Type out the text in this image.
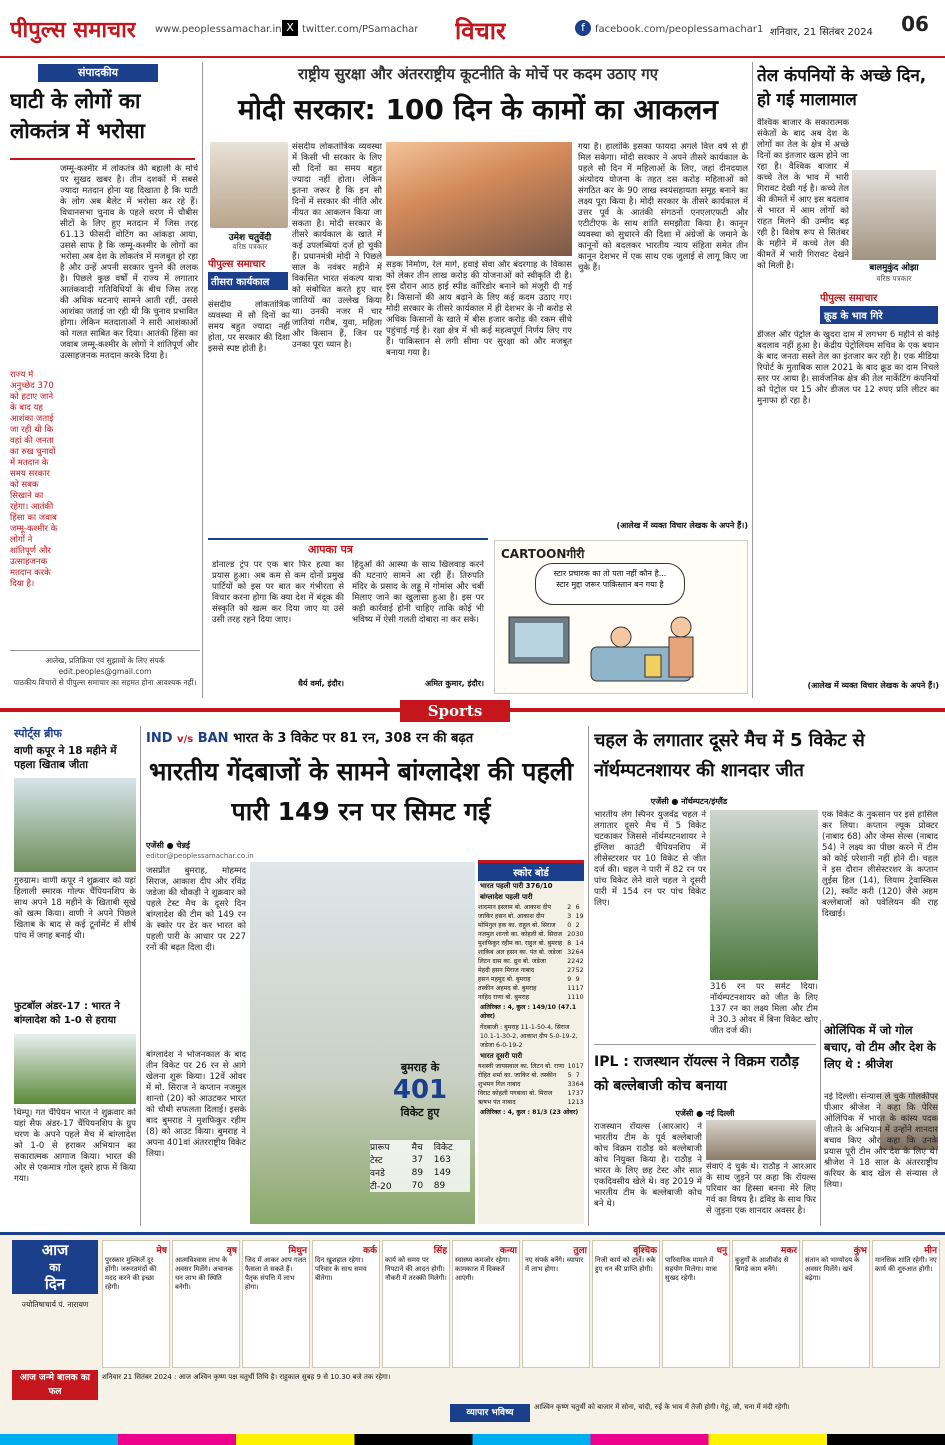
पीपुल्स समाचार www.peoplessamachar.in X twitter.com/PSamachar विचार	f	facebook.com/peoplessamachar1 शनिवार, 21 सितंबर 2024	06
संपादकीय
घाटी के लोगों का लोकतंत्र में भरोसा
जम्मू-कश्मीर में लोकतंत्र की बहाली के मोर्चे पर सुखद खबर है। तीन दशकों में सबसे ज्यादा मतदान होना यह दिखाता है कि घाटी के लोग अब बैलेट में भरोसा कर रहे हैं। विधानसभा चुनाव के पहले चरण में चौबीस सीटों के लिए हुए मतदान में जिस तरह 61.13 फीसदी वोटिंग का आंकड़ा आया, उससे साफ है कि जम्मू-कश्मीर के लोगों का भरोसा अब देश के लोकतंत्र में मजबूत हो रहा है और उन्हें अपनी सरकार चुनने की ललक है। पिछले कुछ वर्षों में राज्य में लगातार आतंकवादी गतिविधियों के बीच जिस तरह की अधिक घटनाएं सामने आती रहीं, उससे आशंका जताई जा रही थी कि चुनाव प्रभावित होगा। लेकिन मतदाताओं ने सारी आशंकाओं को गलत साबित कर दिया। आतंकी हिंसा का जवाब जम्मू-कश्मीर के लोगों ने शांतिपूर्ण और उत्साहजनक मतदान करके दिया है।
राज्य में अनुच्छेद 370 को हटाए जाने के बाद यह आशंका जताई जा रही थी कि वहां की जनता का रुख चुनावों में मतदान के समय सरकार को सबक सिखाने का रहेगा। आतंकी हिंसा का जवाब जम्मू-कश्मीर के लोगों ने शांतिपूर्ण और उत्साहजनक मतदान करके दिया है।
आलेख, प्रतिक्रिया एवं सुझावों के लिए संपर्क
edit.peoples@gmail.com
पाठकीय विचारों से पीपुल्स समाचार का सहमत होना आवश्यक नहीं।
राष्ट्रीय सुरक्षा और अंतरराष्ट्रीय कूटनीति के मोर्चे पर कदम उठाए गए
मोदी सरकार: 100 दिन के कामों का आकलन
उमेश चतुर्वेदी
वरिष्ठ पत्रकार
पीपुल्स समाचार
तीसरा कार्यकाल
संसदीय लोकतांत्रिक व्यवस्था में किसी भी सरकार के लिए सौ दिनों का समय बहुत ज्यादा नहीं होता। लेकिन इतना जरूर है कि इन सौ दिनों में सरकार की नीति और नीयत का आकलन किया जा सकता है। मोदी सरकार के तीसरे कार्यकाल के खाते में कई उपलब्धियां दर्ज हो चुकी हैं। प्रधानमंत्री मोदी ने पिछले साल के नवंबर महीने में विकसित भारत संकल्प यात्रा को संबोधित करते हुए चार जातियों का उल्लेख किया था। उनकी नजर में चार जातियां गरीब, युवा, महिला और किसान हैं, जिन पर उनका पूरा ध्यान है।
संसदीय लोकतांत्रिक व्यवस्था में सौ दिनों का समय बहुत ज्यादा नहीं होता, पर सरकार की दिशा इससे स्पष्ट होती है।
सड़क निर्माण, रेल मार्ग, हवाई सेवा और बंदरगाह के विकास को लेकर तीन लाख करोड़ की योजनाओं को स्वीकृति दी है। इस दौरान आठ हाई स्पीड कॉरिडोर बनाने को मंजूरी दी गई है। किसानों की आय बढ़ाने के लिए कई कदम उठाए गए। मोदी सरकार के तीसरे कार्यकाल में ही देशभर के नौ करोड़ से अधिक किसानों के खाते में बीस हजार करोड़ की रकम सीधे पहुंचाई गई है। रक्षा क्षेत्र में भी कई महत्वपूर्ण निर्णय लिए गए हैं। पाकिस्तान से लगी सीमा पर सुरक्षा को और मजबूत बनाया गया है।
गया है। हालांकि इसका फायदा अगले वित्त वर्ष से ही मिल सकेगा। मोदी सरकार ने अपने तीसरे कार्यकाल के पहले सौ दिन में महिलाओं के लिए, जहां दीनदयाल अंत्योदय योजना के तहत दस करोड़ महिलाओं को संगठित कर के 90 लाख स्वयंसहायता समूह बनाने का लक्ष्य पूरा किया है। मोदी सरकार के तीसरे कार्यकाल में उत्तर पूर्व के आतंकी संगठनों एनएलएफटी और एटीटीएफ के साथ शांति समझौता किया है। कानून व्यवस्था को सुधारने की दिशा में अंग्रेजों के जमाने के कानूनों को बदलकर भारतीय न्याय संहिता समेत तीन कानून देशभर में एक साथ एक जुलाई से लागू किए जा चुके हैं।
(आलेख में व्यक्त विचार लेखक के अपने हैं।)
तेल कंपनियों के अच्छे दिन, हो गई मालामाल
वैश्विक बाजार के सकारात्मक संकेतों के बाद अब देश के लोगों का तेल के क्षेत्र में अच्छे दिनों का इंतजार खत्म होने जा रहा है। वैश्विक बाजार में कच्चे तेल के भाव में भारी गिरावट देखी गई है। कच्चे तेल की कीमतें में आए इस बदलाव से भारत में आम लोगों को राहत मिलने की उम्मीद बढ़ रही है। विशेष रूप से सितंबर के महीने में कच्चे तेल की कीमतें में भारी गिरावट देखने को मिली है।	बालमुकुंद ओझा
वरिष्ठ पत्रकार
पीपुल्स समाचार
क्रूड के भाव गिरे
डीजल और पेट्रोल के खुदरा दाम में लगभग 6 महीने से कोई बदलाव नहीं हुआ है। केंद्रीय पेट्रोलियम सचिव के एक बयान के बाद जनता सस्ते तेल का इंतजार कर रही है। एक मीडिया रिपोर्ट के मुताबिक साल 2021 के बाद क्रूड का दाम निचले स्तर पर आया है। सार्वजनिक क्षेत्र की तेल मार्केटिंग कंपनियों को पेट्रोल पर 15 और डीजल पर 12 रुपए प्रति लीटर का मुनाफा हो रहा है।
(आलेख में व्यक्त विचार लेखक के अपने हैं।)
आपका पत्र
डोनाल्ड ट्रंप पर एक बार फिर हत्या का प्रयास हुआ। अब कम से कम दोनों प्रमुख पार्टियों को इस पर बात कर गंभीरता से विचार करना होगा कि क्या देश में बंदूक की संस्कृति को खत्म कर दिया जाए या उसे उसी तरह रहने दिया जाए।
धैर्य वर्मा, इंदौर।
हिंदुओं की आस्था के साथ खिलवाड़ करने की घटनाएं सामने आ रही हैं। तिरुपति मंदिर के प्रसाद के लड्डू में गोमांस और चर्बी मिलाए जाने का खुलासा हुआ है। इस पर कड़ी कार्रवाई होनी चाहिए ताकि कोई भी भविष्य में ऐसी गलती दोबारा ना कर सके।
अमित कुमार, इंदौर।
CARTOONगीरी
स्टार प्रचारक का तो पता नहीं कौन है...
स्टार मुद्दा जरूर पाकिस्तान बन गया है
Sports
स्पोर्ट्स ब्रीफ
वाणी कपूर ने 18 महीने में पहला खिताब जीता
गुरुग्राम। वाणी कपूर ने शुक्रवार को यहां हिलाली स्मारक गोल्फ चैंपियनशिप के साथ अपने 18 महीने के खिताबी सूखे को खत्म किया। वाणी ने अपने पिछले खिताब के बाद से कई टूर्नामेंट में शीर्ष पांच में जगह बनाई थी।
फुटबॉल अंडर-17 : भारत ने बांग्लादेश को 1-0 से हराया
थिम्पू। गत चैंपियन भारत ने शुक्रवार को यहां सैफ अंडर-17 चैंपियनशिप के ग्रुप चरण के अपने पहले मैच में बांग्लादेश को 1-0 से हराकर अभियान का सकारात्मक आगाज किया। भारत की ओर से एकमात्र गोल दूसरे हाफ में किया गया।
IND v/s BAN भारत के 3 विकेट पर 81 रन, 308 रन की बढ़त
भारतीय गेंदबाजों के सामने बांग्लादेश की पहली पारी 149 रन पर सिमट गई
एजेंसी ● चेन्नई
editor@peoplessamachar.co.in
बुमराह के
401
विकेट हुए
प्रारूप	मैच	विकेट
टेस्ट	37	163
वनडे	89	149
टी-20	70	89
जसप्रीत बुमराह, मोहम्मद सिराज, आकाश दीप और रविंद्र जडेजा की चौकड़ी ने शुक्रवार को पहले टेस्ट मैच के दूसरे दिन बांग्लादेश की टीम को 149 रन के स्कोर पर ढेर कर भारत को पहली पारी के आधार पर 227 रनों की बढ़त दिला दी।
बांग्लादेश ने भोजनकाल के बाद तीन विकेट पर 26 रन से आगे खेलना शुरू किया। 12वें ओवर में मो. सिराज ने कप्तान नजमुल शान्तो (20) को आउटकर भारत को चौथी सफलता दिलाई। इसके बाद बुमराह ने मुशफिकुर रहीम (8) को आउट किया। बुमराह ने अपना 401वां अंतरराष्ट्रीय विकेट लिया।
स्कोर बोर्ड
भारत पहली पारी 376/10
बांग्लादेश पहली पारी
शादमान इस्लाम बो. आकाश दीप	2	6
जाकिर हसन बो. आकाश दीप	3	19
मोमिनुल हक का. राहुल बो. सिराज	0	2
नजमुल शान्तो का. कोहली बो. सिराज	20	30
मुशफिकुर रहीम का. राहुल बो. बुमराह	8	14
शाकिब अल हसन का. पंत बो. जडेजा	32	64
लिटन दास का. ध्रुव बो. जडेजा	22	42
मेहदी हसन मिराज नाबाद	27	52
हसन महमूद बो. बुमराह	9	9
तस्कीन अहमद बो. बुमराह	11	17
नाहिद राणा बो. बुमराह	11	10
अतिरिक्त : 4, कुल : 149/10 (47.1 ओवर)
गेंदबाजी : बुमराह 11-1-50-4, सिराज 10.1-1-30-2, आकाश दीप 5-0-19-2, जडेजा 6-0-19-2
भारत दूसरी पारी
यशस्वी जायसवाल का. लिटन बो. राणा	10	17
रोहित शर्मा का. जाकिर बो. तस्कीन	5	7
शुभमन गिल नाबाद	33	64
विराट कोहली पगबाधा बो. मिराज	17	37
ऋषभ पंत नाबाद	12	13
अतिरिक्त : 4, कुल : 81/3 (23 ओवर)
चहल के लगातार दूसरे मैच में 5 विकेट से नॉर्थम्पटनशायर की शानदार जीत
एजेंसी ● नॉर्थम्पटन/इंग्लैंड
भारतीय लेग स्पिनर युजवेंद्र चहल ने लगातार दूसरे मैच में 5 विकेट चटकाकर जिससे नॉर्थम्पटनशायर ने इंग्लिश काउंटी चैंपियनशिप में लीसेस्टरशर पर 10 विकेट से जीत दर्ज की। चहल ने पारी में 82 रन पर पांच विकेट लेने वाले चहल ने दूसरी पारी में 154 रन पर पांच विकेट लिए।
316 रन पर समेट दिया। नॉर्थम्पटनशायर को जीत के लिए 137 रन का लक्ष्य मिला और टीम ने 30.3 ओवर में बिना विकेट खोए जीत दर्ज की।
एक विकेट के नुकसान पर इसे हासिल कर लिया। कप्तान ल्यूक प्रोक्टर (नाबाद 68) और जेम्स सेल्स (नाबाद 54) ने लक्ष्य का पीछा करने में टीम को कोई परेशानी नहीं होने दी। चहल ने इस दौरान लीसेस्टरशर के कप्तान लुईस हिल (14), लियाम ट्रेवास्किस (2), स्कॉट करी (120) जैसे अहम बल्लेबाजों को पवेलियन की राह दिखाई।
IPL : राजस्थान रॉयल्स ने विक्रम राठौड़ को बल्लेबाजी कोच बनाया
एजेंसी ● नई दिल्ली
राजस्थान रॉयल्स (आरआर) ने भारतीय टीम के पूर्व बल्लेबाजी कोच विक्रम राठौड़ को बल्लेबाजी कोच नियुक्त किया है। राठौड़ ने भारत के लिए छह टेस्ट और सात एकदिवसीय खेले थे। वह 2019 में भारतीय टीम के बल्लेबाजी कोच बने थे।
सेवाएं दे चुके थे। राठौड़ ने आरआर के साथ जुड़ने पर कहा कि रॉयल्स परिवार का हिस्सा बनना मेरे लिए गर्व का विषय है। द्रविड़ के साथ फिर से जुड़ना एक शानदार अवसर है।
ओलिंपिक में जो गोल बचाए, वो टीम और देश के लिए थे : श्रीजेश
नई दिल्ली। संन्यास ले चुके गोलकीपर पीआर श्रीजेश ने कहा कि पेरिस ओलिंपिक में भारत के कांस्य पदक जीतने के अभियान में उन्होंने शानदार बचाव किए और कहा कि उनके प्रयास पूरी टीम और देश के लिए थे। श्रीजेश ने 18 साल के अंतरराष्ट्रीय करियर के बाद खेल से संन्यास ले लिया।
आज
का
दिन
ज्योतिषाचार्य पं. नारायण
मेष
पुरस्कार मुश्किलें दूर होंगी। जरूरतमंदों की मदद करने की इच्छा रहेगी।
वृष
आत्मविश्वास लाभ के अवसर मिलेंगे। अचानक धन लाभ की स्थिति बनेगी।
मिथुन
जिद में आकर आप गलत फैसला ले सकते हैं। पैतृक संपत्ति में लाभ होगा।
कर्क
दिन खुशहाल रहेगा। परिवार के साथ समय बीतेगा।
सिंह
कार्य को समय पर निपटाने की आदत होगी। नौकरी में तरक्की मिलेगी।
कन्या
स्वास्थ्य कमजोर रहेगा। कामकाज में दिक्कतें आएंगी।
तुला
नए संपर्क बनेंगे। व्यापार में लाभ होगा।
वृश्चिक
निजी कार्य को टालें। रुके हुए धन की प्राप्ति होगी।
धनु
पारिवारिक मामले में सहयोग मिलेगा। यात्रा सुखद रहेगी।
मकर
बुजुर्गों के आशीर्वाद से बिगड़े काम बनेंगे।
कुंभ
संतान को भाग्योदय के अवसर मिलेंगे। खर्च बढ़ेगा।
मीन
मानसिक शांति रहेगी। नए कार्य की शुरुआत होगी।
शनिवार 21 सितंबर 2024 : आज अश्विन कृष्ण पक्ष चतुर्थी तिथि है। राहुकाल सुबह 9 से 10.30 बजे तक रहेगा।
आज जन्मे बालक का फल
व्यापार भविष्य
आश्विन कृष्ण चतुर्थी को बाजार में सोना, चांदी, रुई के भाव में तेजी होगी। गेहूं, जौ, चना में मंदी रहेगी।
